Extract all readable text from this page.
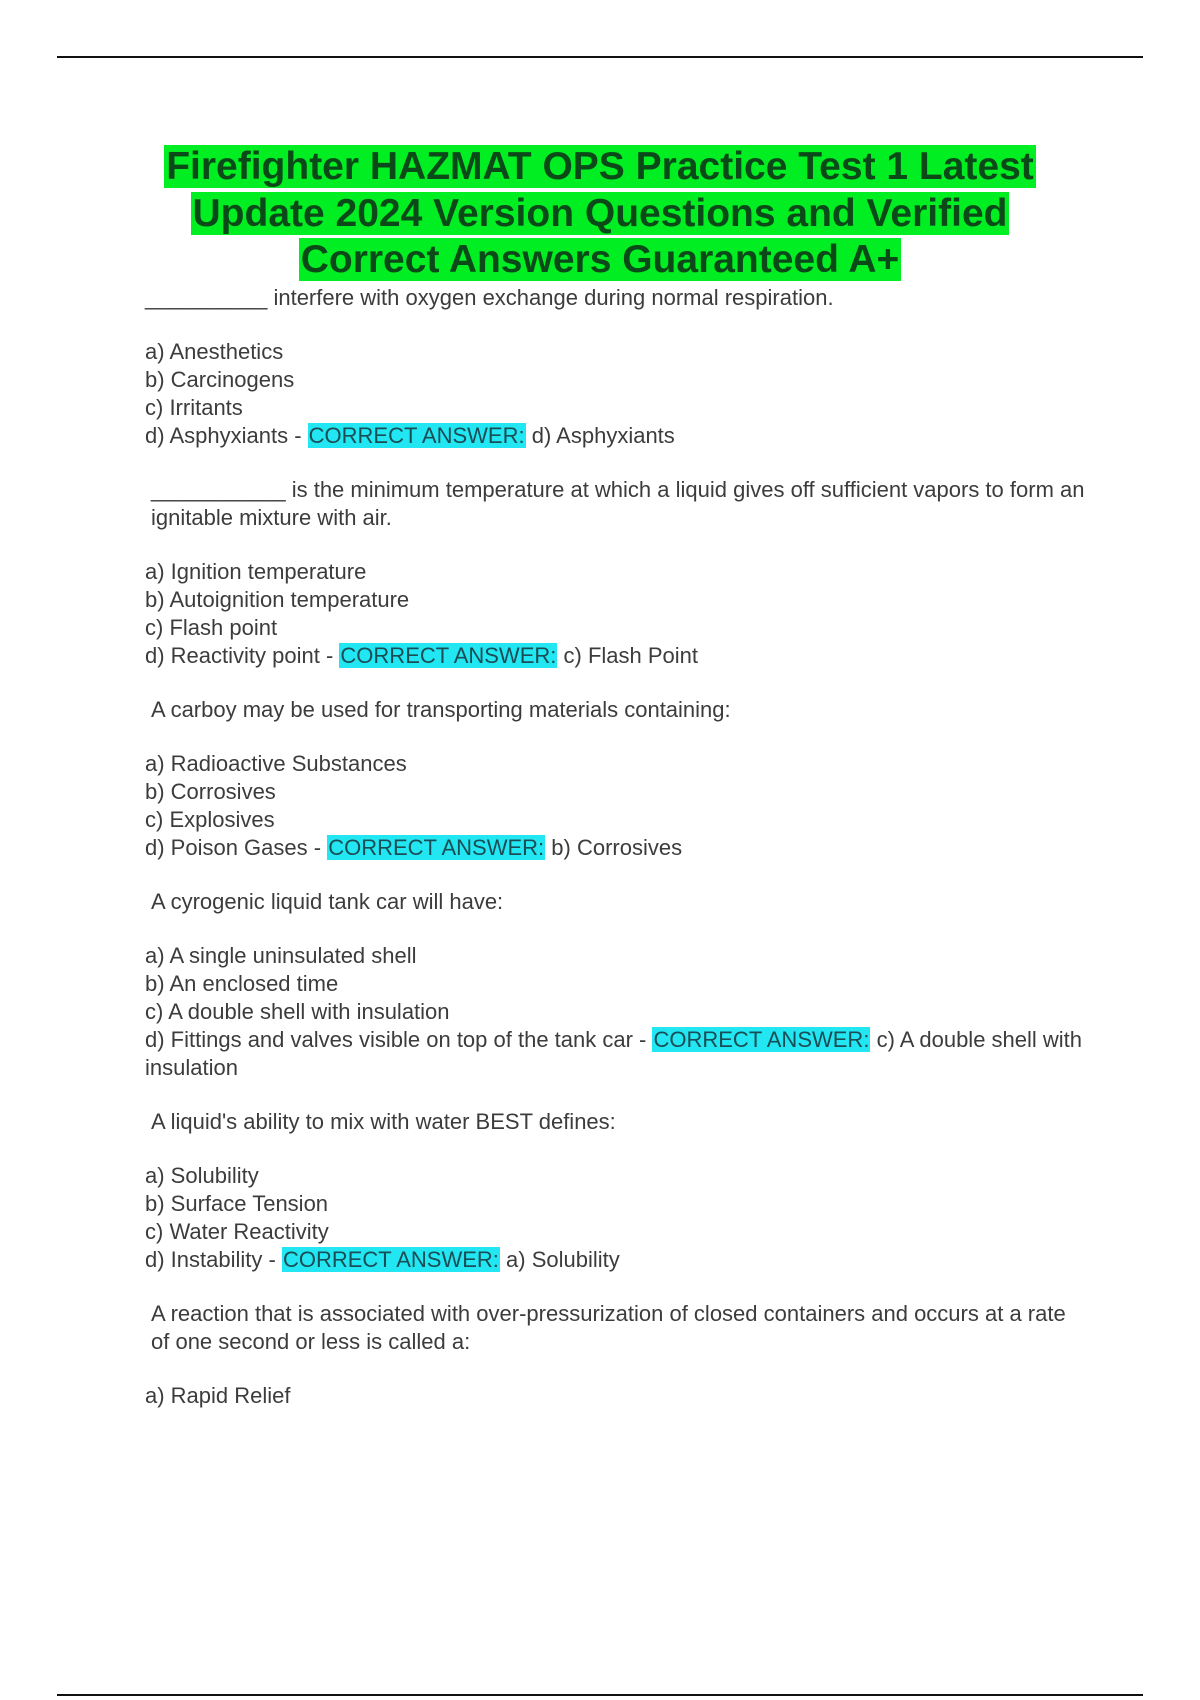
Firefighter HAZMAT OPS Practice Test 1 Latest Update 2024 Version Questions and Verified Correct Answers Guaranteed A+
__________ interfere with oxygen exchange during normal respiration.
a) Anesthetics
b) Carcinogens
c) Irritants
d) Asphyxiants - CORRECT ANSWER: d) Asphyxiants
___________ is the minimum temperature at which a liquid gives off sufficient vapors to form an ignitable mixture with air.
a) Ignition temperature
b) Autoignition temperature
c) Flash point
d) Reactivity point - CORRECT ANSWER: c) Flash Point
A carboy may be used for transporting materials containing:
a) Radioactive Substances
b) Corrosives
c) Explosives
d) Poison Gases - CORRECT ANSWER: b) Corrosives
A cyrogenic liquid tank car will have:
a) A single uninsulated shell
b) An enclosed time
c) A double shell with insulation
d) Fittings and valves visible on top of the tank car - CORRECT ANSWER: c) A double shell with insulation
A liquid's ability to mix with water BEST defines:
a) Solubility
b) Surface Tension
c) Water Reactivity
d) Instability - CORRECT ANSWER: a) Solubility
A reaction that is associated with over-pressurization of closed containers and occurs at a rate of one second or less is called a:
a) Rapid Relief
